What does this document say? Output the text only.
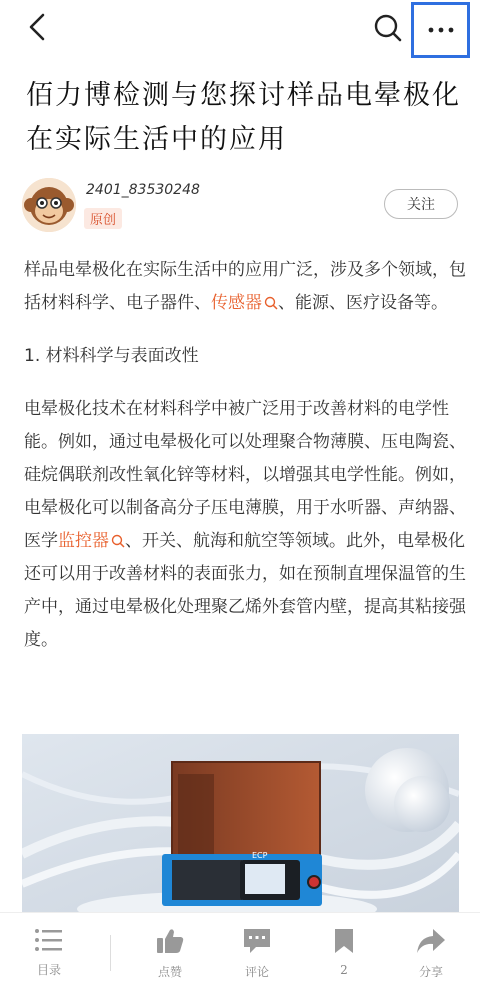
佰力博检测与您探讨样品电晕极化在实际生活中的应用
2401_83530248
原创
关注

样品电晕极化在实际生活中的应用广泛，涉及多个领域，包括材料科学、电子器件、传感器 、能源、医疗设备等。

1. 材料科学与表面改性

电晕极化技术在材料科学中被广泛用于改善材料的电学性能。例如，通过电晕极化可以处理聚合物薄膜、压电陶瓷、硅烷偶联剂改性氧化锌等材料，以增强其电学性能。例如，电晕极化可以制备高分子压电薄膜，用于水听器、声纳器、医学监控器 、开关、航海和航空等领域。此外，电晕极化还可以用于改善材料的表面张力，如在预制直埋保温管的生产中，通过电晕极化处理聚乙烯外套管内壁，提高其粘接强度。

ECP
目录	点赞	评论	2	分享
